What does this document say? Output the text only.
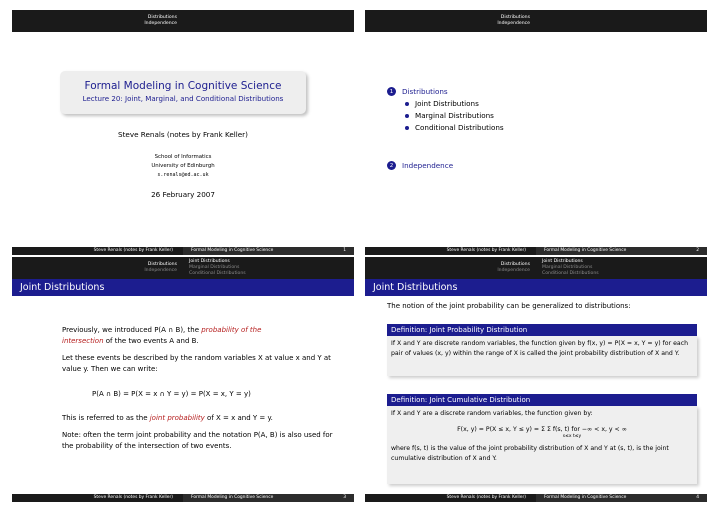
Distributions
Independence
Formal Modeling in Cognitive Science
Lecture 20: Joint, Marginal, and Conditional Distributions
Steve Renals (notes by Frank Keller)
School of Informatics
University of Edinburgh
s.renals@ed.ac.uk
26 February 2007
Steve Renals (notes by Frank Keller)	Formal Modeling in Cognitive Science	1
Distributions
Independence
1	Distributions
Joint Distributions
Marginal Distributions
Conditional Distributions
2	Independence
Steve Renals (notes by Frank Keller)	Formal Modeling in Cognitive Science	2
Distributions
Independence
Joint Distributions
Marginal Distributions
Conditional Distributions
Joint Distributions
Previously, we introduced P(A ∩ B), the probability of the
intersection of the two events A and B.
Let these events be described by the random variables X at value x and Y at value y. Then we can write:
P(A ∩ B) = P(X = x ∩ Y = y) = P(X = x, Y = y)
This is referred to as the joint probability of X = x and Y = y.
Note: often the term joint probability and the notation P(A, B) is also used for the probability of the intersection of two events.
Steve Renals (notes by Frank Keller)	Formal Modeling in Cognitive Science	3
Distributions
Independence
Joint Distributions
Marginal Distributions
Conditional Distributions
Joint Distributions
The notion of the joint probability can be generalized to distributions:
Definition: Joint Probability Distribution
If X and Y are discrete random variables, the function given by f(x, y) = P(X = x, Y = y) for each pair of values (x, y) within the range of X is called the joint probability distribution of X and Y.
Definition: Joint Cumulative Distribution
If X and Y are a discrete random variables, the function given by:
F(x, y) = P(X ≤ x, Y ≤ y) = Σ Σ f(s, t) for −∞ < x, y < ∞
s≤x t≤y
where f(s, t) is the value of the joint probability distribution of X and Y at (s, t), is the joint cumulative distribution of X and Y.
Steve Renals (notes by Frank Keller)	Formal Modeling in Cognitive Science	4
